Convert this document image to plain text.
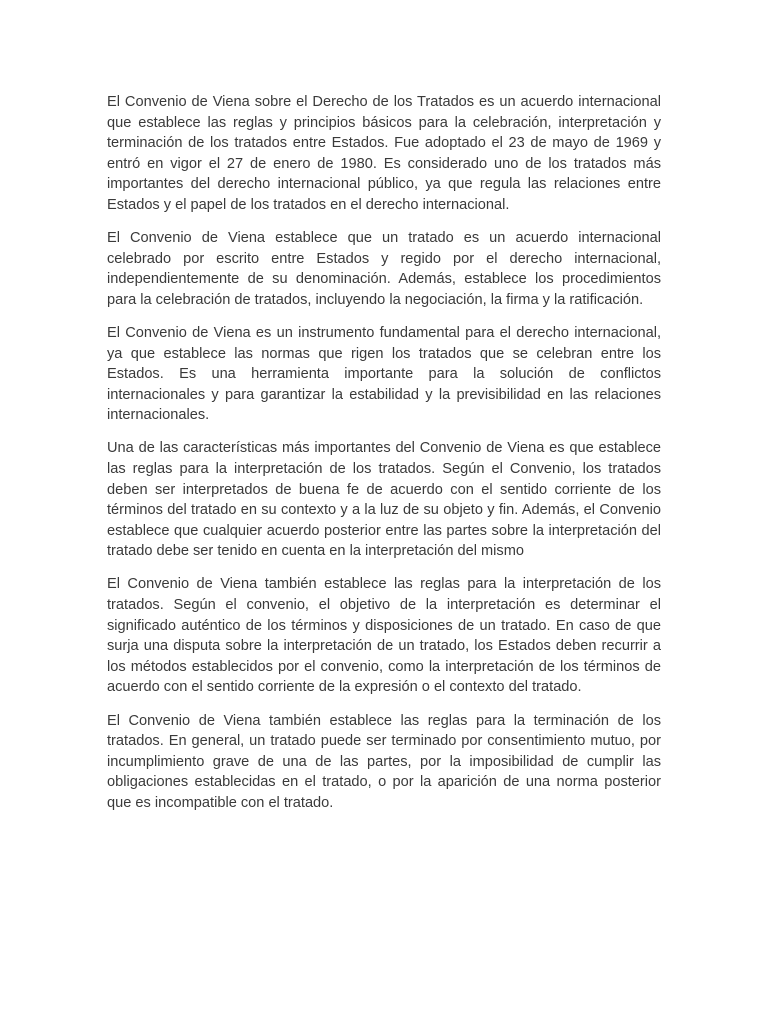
El Convenio de Viena sobre el Derecho de los Tratados es un acuerdo internacional que establece las reglas y principios básicos para la celebración, interpretación y terminación de los tratados entre Estados. Fue adoptado el 23 de mayo de 1969 y entró en vigor el 27 de enero de 1980. Es considerado uno de los tratados más importantes del derecho internacional público, ya que regula las relaciones entre Estados y el papel de los tratados en el derecho internacional.

El Convenio de Viena establece que un tratado es un acuerdo internacional celebrado por escrito entre Estados y regido por el derecho internacional, independientemente de su denominación. Además, establece los procedimientos para la celebración de tratados, incluyendo la negociación, la firma y la ratificación.

El Convenio de Viena es un instrumento fundamental para el derecho internacional, ya que establece las normas que rigen los tratados que se celebran entre los Estados. Es una herramienta importante para la solución de conflictos internacionales y para garantizar la estabilidad y la previsibilidad en las relaciones internacionales.

Una de las características más importantes del Convenio de Viena es que establece las reglas para la interpretación de los tratados. Según el Convenio, los tratados deben ser interpretados de buena fe de acuerdo con el sentido corriente de los términos del tratado en su contexto y a la luz de su objeto y fin. Además, el Convenio establece que cualquier acuerdo posterior entre las partes sobre la interpretación del tratado debe ser tenido en cuenta en la interpretación del mismo

El Convenio de Viena también establece las reglas para la interpretación de los tratados. Según el convenio, el objetivo de la interpretación es determinar el significado auténtico de los términos y disposiciones de un tratado. En caso de que surja una disputa sobre la interpretación de un tratado, los Estados deben recurrir a los métodos establecidos por el convenio, como la interpretación de los términos de acuerdo con el sentido corriente de la expresión o el contexto del tratado.

El Convenio de Viena también establece las reglas para la terminación de los tratados. En general, un tratado puede ser terminado por consentimiento mutuo, por incumplimiento grave de una de las partes, por la imposibilidad de cumplir las obligaciones establecidas en el tratado, o por la aparición de una norma posterior que es incompatible con el tratado.
